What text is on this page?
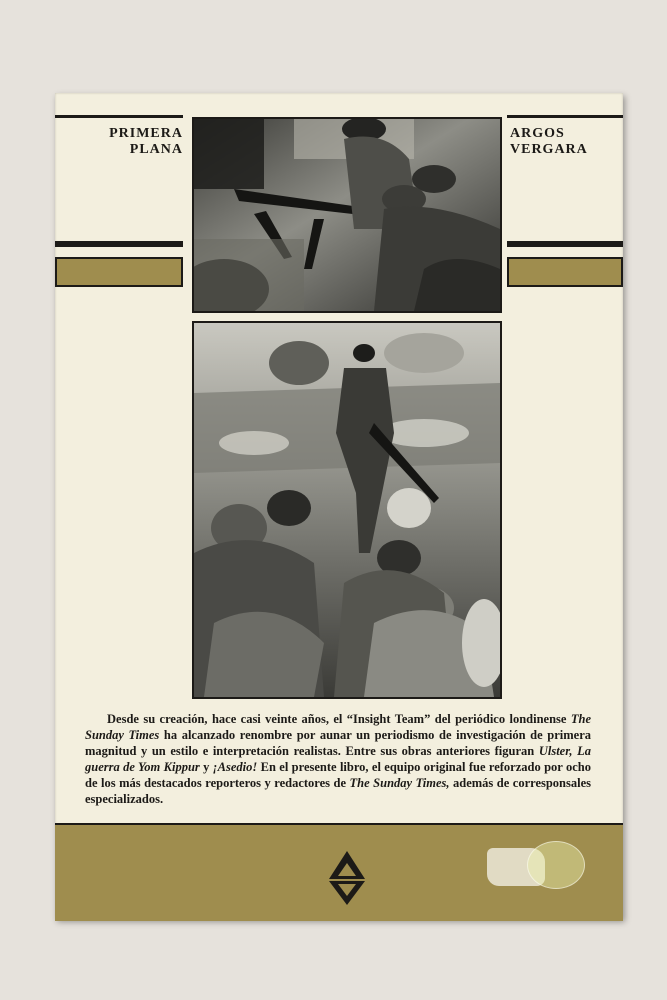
PRIMERA
PLANA
ARGOS
VERGARA
Desde su creación, hace casi veinte años, el “Insight Team” del periódico londinense The Sunday Times ha alcanzado renombre por aunar un periodismo de investigación de primera magnitud y un estilo e interpretación realistas. Entre sus obras anteriores figuran Ulster, La guerra de Yom Kippur y ¡Asedio! En el presente libro, el equipo original fue reforzado por ocho de los más destacados reporteros y redactores de The Sunday Times, además de corresponsales especializados.
